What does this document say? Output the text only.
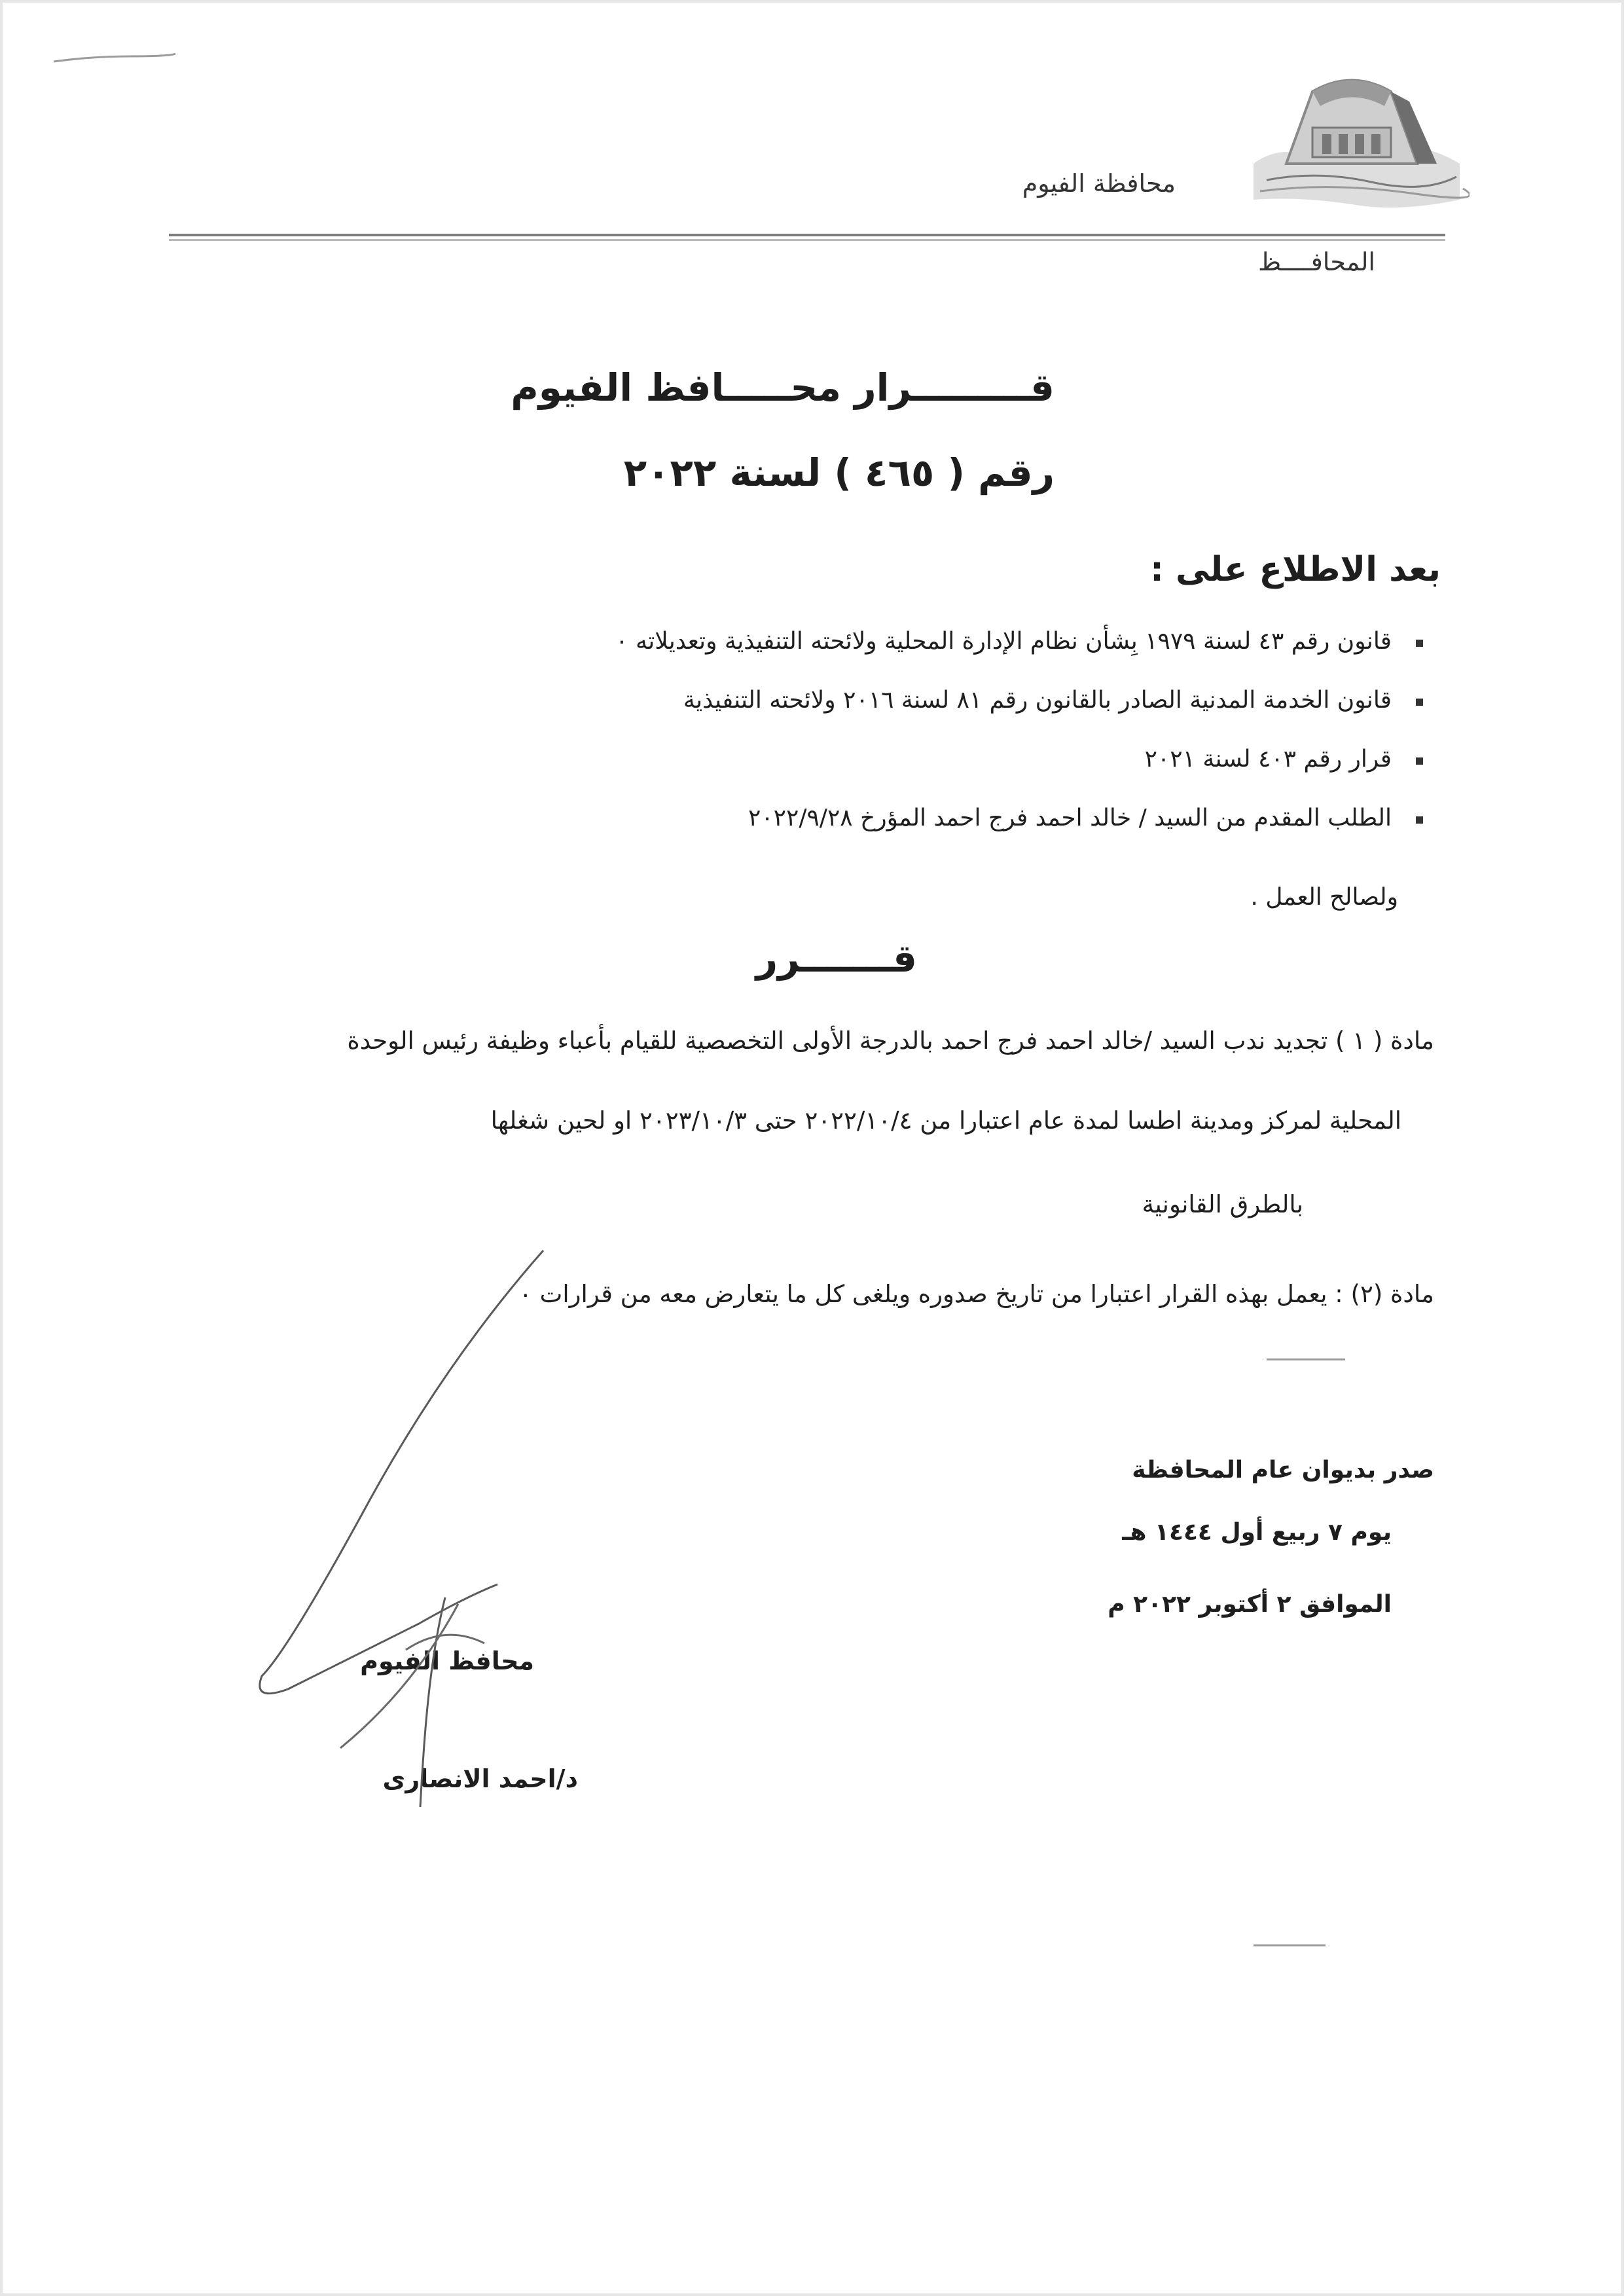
محافظة الفيوم
المحافــــظ
قـــــــــرار محـــــافظ الفيوم
رقم ( ٤٦٥ ) لسنة ٢٠٢٢
بعد الاطلاع على :
قانون رقم ٤٣ لسنة ١٩٧٩ بِشأن نظام الإدارة المحلية ولائحته التنفيذية وتعديلاته ٠
قانون الخدمة المدنية الصادر بالقانون رقم ٨١ لسنة ٢٠١٦ ولائحته التنفيذية
قرار رقم ٤٠٣ لسنة ٢٠٢١
الطلب المقدم من السيد / خالد احمد فرج احمد المؤرخ ٢٠٢٢/٩/٢٨
ولصالح العمل .
قـــــــرر
مادة ( ١ ) تجديد ندب السيد /خالد احمد فرج احمد بالدرجة الأولى التخصصية للقيام بأعباء وظيفة رئيس الوحدة
المحلية لمركز ومدينة اطسا لمدة عام اعتبارا من ٢٠٢٢/١٠/٤ حتى ٢٠٢٣/١٠/٣ او لحين شغلها
بالطرق القانونية
مادة (٢) : يعمل بهذه القرار اعتبارا من تاريخ صدوره ويلغى كل ما يتعارض معه من قرارات ٠
صدر بديوان عام المحافظة
يوم ٧ ربيع أول ١٤٤٤ هـ
الموافق ٢ أكتوبر ٢٠٢٢ م
محافظ الفيوم
د/احمد الانصارى
